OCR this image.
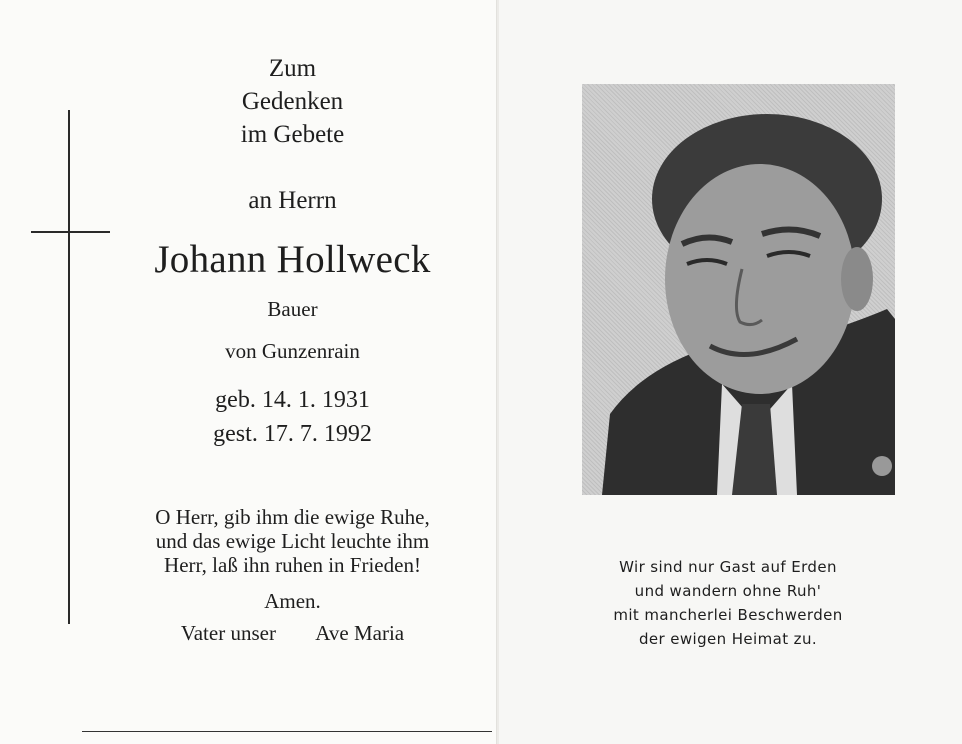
Zum
Gedenken
im Gebete
an Herrn
Johann Hollweck
Bauer
von Gunzenrain
geb. 14. 1. 1931
gest. 17. 7. 1992
O Herr, gib ihm die ewige Ruhe,
und das ewige Licht leuchte ihm
Herr, laß ihn ruhen in Frieden!
Amen.
Vater unser Ave Maria
Wir sind nur Gast auf Erden
und wandern ohne Ruh'
mit mancherlei Beschwerden
der ewigen Heimat zu.
